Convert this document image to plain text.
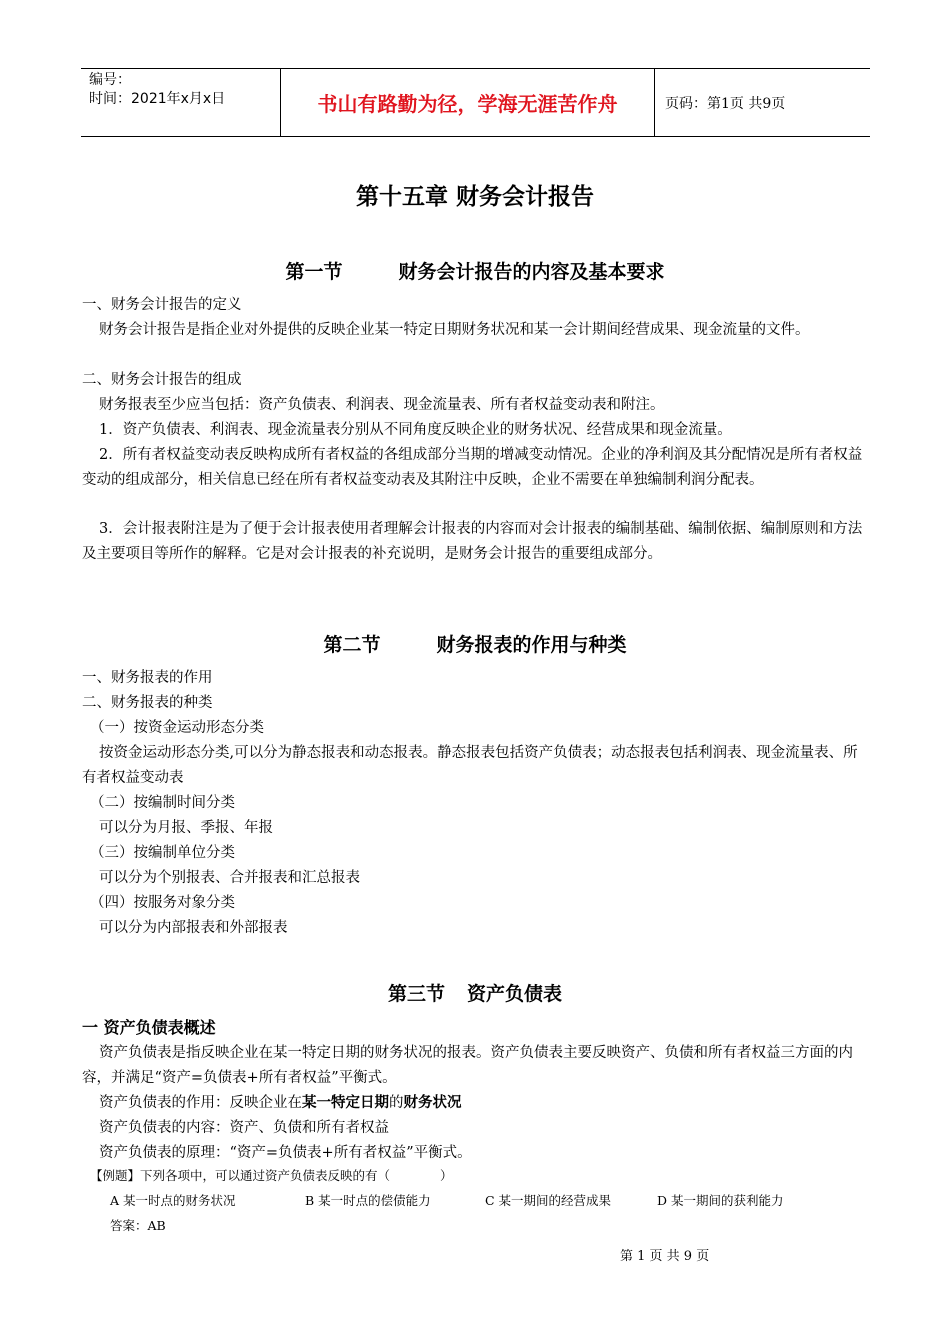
编号：
时间：2021年x月x日	书山有路勤为径，学海无涯苦作舟	页码：第1页 共9页
第十五章 财务会计报告
第一节	财务会计报告的内容及基本要求
一、财务会计报告的定义
财务会计报告是指企业对外提供的反映企业某一特定日期财务状况和某一会计期间经营成果、现金流量的文件。
二、财务会计报告的组成
财务报表至少应当包括：资产负债表、利润表、现金流量表、所有者权益变动表和附注。
1．资产负债表、利润表、现金流量表分别从不同角度反映企业的财务状况、经营成果和现金流量。
2．所有者权益变动表反映构成所有者权益的各组成部分当期的增减变动情况。企业的净利润及其分配情况是所有者权益变动的组成部分，相关信息已经在所有者权益变动表及其附注中反映，企业不需要在单独编制利润分配表。
3．会计报表附注是为了便于会计报表使用者理解会计报表的内容而对会计报表的编制基础、编制依据、编制原则和方法及主要项目等所作的解释。它是对会计报表的补充说明，是财务会计报告的重要组成部分。
第二节	财务报表的作用与种类
一、财务报表的作用
二、财务报表的种类
（一）按资金运动形态分类
按资金运动形态分类,可以分为静态报表和动态报表。静态报表包括资产负债表；动态报表包括利润表、现金流量表、所有者权益变动表
（二）按编制时间分类
可以分为月报、季报、年报
（三）按编制单位分类
可以分为个别报表、合并报表和汇总报表
（四）按服务对象分类
可以分为内部报表和外部报表
第三节 资产负债表
一 资产负债表概述
资产负债表是指反映企业在某一特定日期的财务状况的报表。资产负债表主要反映资产、负债和所有者权益三方面的内容，并满足“资产=负债表+所有者权益”平衡式。
资产负债表的作用：反映企业在某一特定日期的财务状况
资产负债表的内容：资产、负债和所有者权益
资产负债表的原理：“资产=负债表+所有者权益”平衡式。
【例题】下列各项中，可以通过资产负债表反映的有（　　　　）
A 某一时点的财务状况	B 某一时点的偿债能力	C 某一期间的经营成果	D 某一期间的获利能力
答案：AB
第 1 页 共 9 页
